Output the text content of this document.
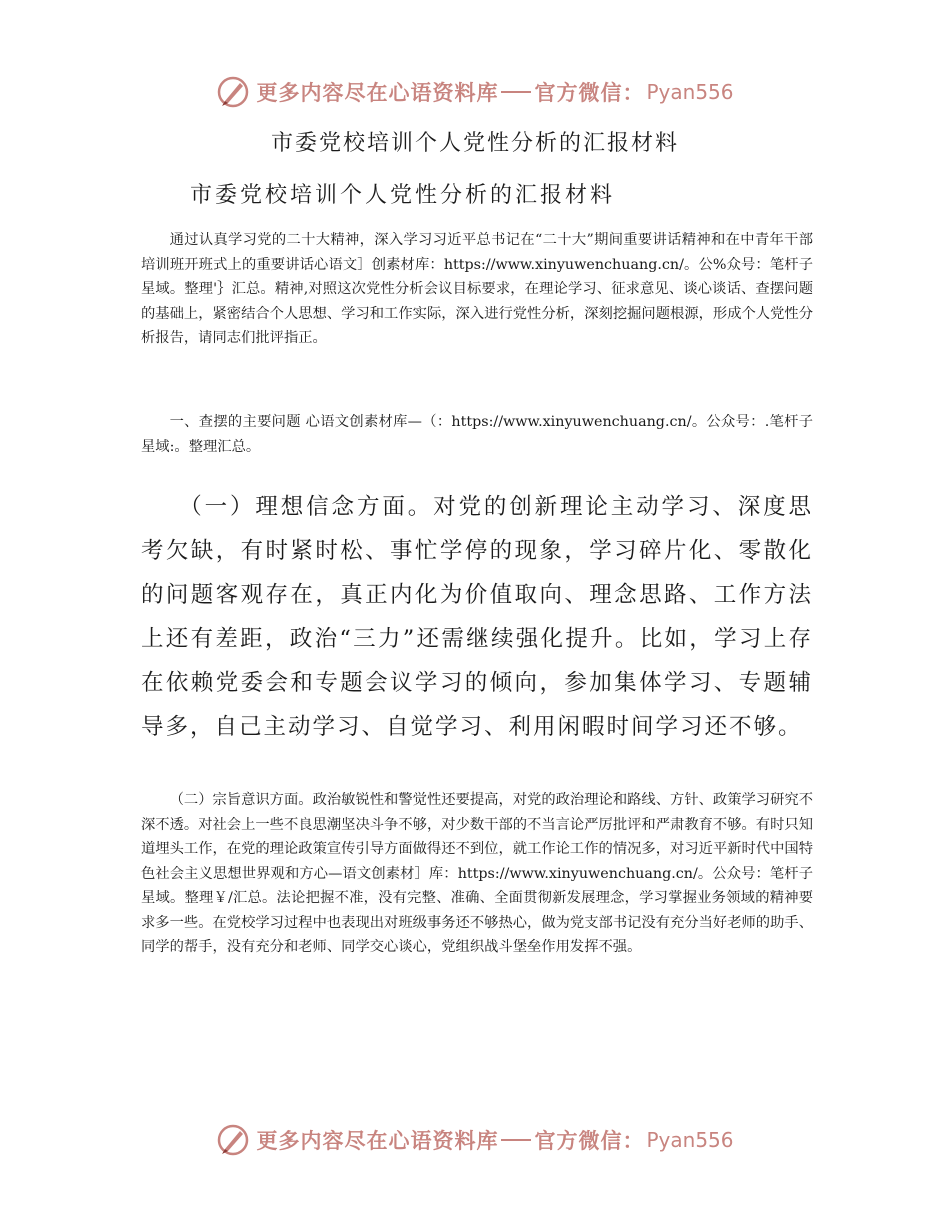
更多内容尽在心语资料库 官方微信： Pyan556
市委党校培训个人党性分析的汇报材料
市委党校培训个人党性分析的汇报材料

通过认真学习党的二十大精神，深入学习习近平总书记在“二十大”期间重要讲话精神和在中青年干部培训班开班式上的重要讲话心语文］创素材库：https://www.xinyuwenchuang.cn/。公%众号：笔杆子星域。整理'｝汇总。精神,对照这次党性分析会议目标要求，在理论学习、征求意见、谈心谈话、查摆问题的基础上，紧密结合个人思想、学习和工作实际，深入进行党性分析，深刻挖掘问题根源，形成个人党性分析报告，请同志们批评指正。

一、查摆的主要问题 心语文创素材库—（：https://www.xinyuwenchuang.cn/。公众号：.笔杆子星域:。整理汇总。

（一）理想信念方面。对党的创新理论主动学习、深度思考欠缺，有时紧时松、事忙学停的现象，学习碎片化、零散化的问题客观存在，真正内化为价值取向、理念思路、工作方法上还有差距，政治“三力”还需继续强化提升。比如，学习上存在依赖党委会和专题会议学习的倾向，参加集体学习、专题辅导多，自己主动学习、自觉学习、利用闲暇时间学习还不够。

（二）宗旨意识方面。政治敏锐性和警觉性还要提高，对党的政治理论和路线、方针、政策学习研究不深不透。对社会上一些不良思潮坚决斗争不够，对少数干部的不当言论严厉批评和严肃教育不够。有时只知道埋头工作，在党的理论政策宣传引导方面做得还不到位，就工作论工作的情况多，对习近平新时代中国特色社会主义思想世界观和方心—语文创素材］库：https://www.xinyuwenchuang.cn/。公众号：笔杆子星域。整理￥/汇总。法论把握不准，没有完整、准确、全面贯彻新发展理念，学习掌握业务领域的精神要求多一些。在党校学习过程中也表现出对班级事务还不够热心，做为党支部书记没有充分当好老师的助手、同学的帮手，没有充分和老师、同学交心谈心，党组织战斗堡垒作用发挥不强。

更多内容尽在心语资料库 官方微信： Pyan556
